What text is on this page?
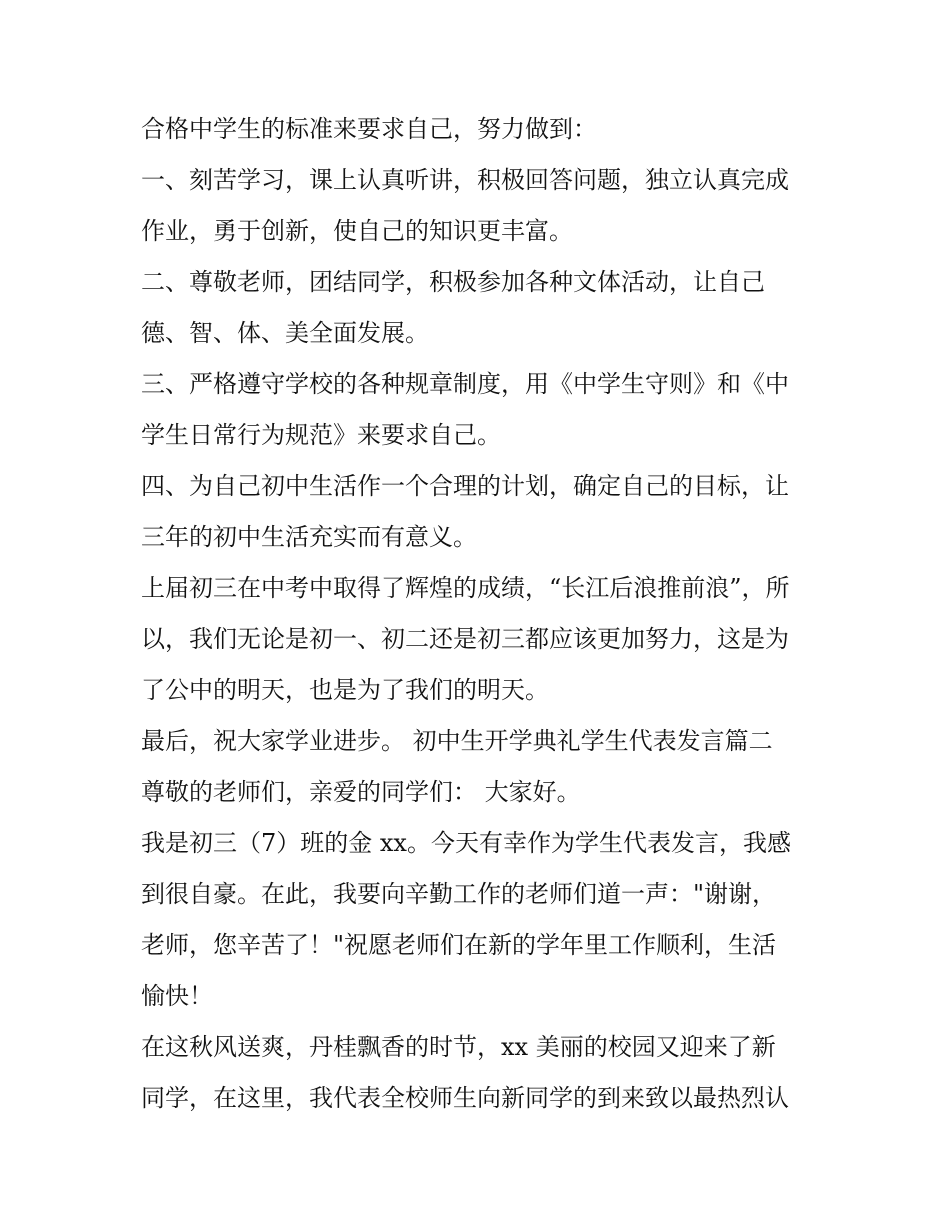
合格中学生的标准来要求自己，努力做到：
一、刻苦学习，课上认真听讲，积极回答问题，独立认真完成
作业，勇于创新，使自己的知识更丰富。
二、尊敬老师，团结同学，积极参加各种文体活动，让自己
德、智、体、美全面发展。
三、严格遵守学校的各种规章制度，用《中学生守则》和《中
学生日常行为规范》来要求自己。
四、为自己初中生活作一个合理的计划，确定自己的目标，让
三年的初中生活充实而有意义。
上届初三在中考中取得了辉煌的成绩，“长江后浪推前浪”，所
以，我们无论是初一、初二还是初三都应该更加努力，这是为
了公中的明天，也是为了我们的明天。
最后，祝大家学业进步。 初中生开学典礼学生代表发言篇二
尊敬的老师们，亲爱的同学们： 大家好。
我是初三（7）班的金 xx。今天有幸作为学生代表发言，我感
到很自豪。在此，我要向辛勤工作的老师们道一声："谢谢，
老师，您辛苦了！"祝愿老师们在新的学年里工作顺利，生活
愉快！
在这秋风送爽，丹桂飘香的时节，xx 美丽的校园又迎来了新
同学，在这里，我代表全校师生向新同学的到来致以最热烈认
